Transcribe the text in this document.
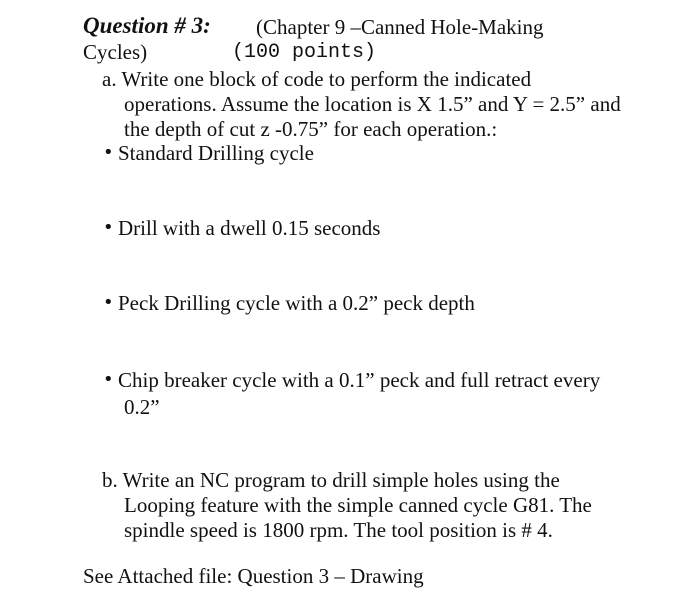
Question # 3: (Chapter 9 –Canned Hole-Making
Cycles)	(100 points)
a. Write one block of code to perform the indicated
operations. Assume the location is X 1.5” and Y = 2.5” and
the depth of cut z -0.75” for each operation.:
• Standard Drilling cycle
• Drill with a dwell 0.15 seconds
• Peck Drilling cycle with a 0.2” peck depth
• Chip breaker cycle with a 0.1” peck and full retract every
0.2”
b. Write an NC program to drill simple holes using the
Looping feature with the simple canned cycle G81. The
spindle speed is 1800 rpm. The tool position is # 4.
See Attached file: Question 3 – Drawing
